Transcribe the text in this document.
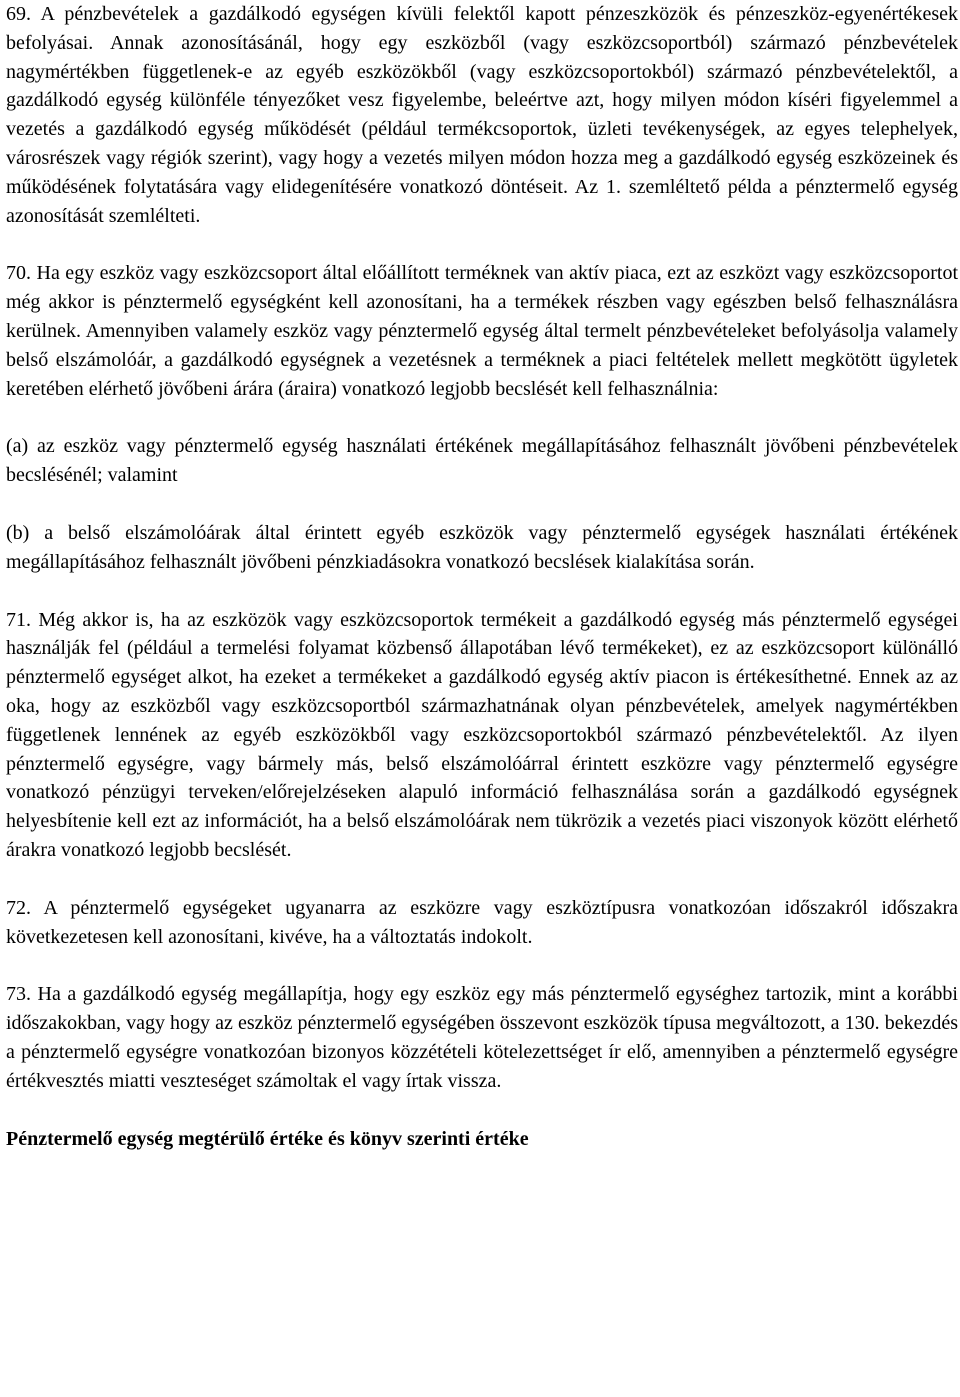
69. A pénzbevételek a gazdálkodó egységen kívüli felektől kapott pénzeszközök és pénzeszköz-egyenértékesek befolyásai. Annak azonosításánál, hogy egy eszközből (vagy eszközcsoportból) származó pénzbevételek nagymértékben függetlenek-e az egyéb eszközökből (vagy eszközcsoportokból) származó pénzbevételektől, a gazdálkodó egység különféle tényezőket vesz figyelembe, beleértve azt, hogy milyen módon kíséri figyelemmel a vezetés a gazdálkodó egység működését (például termékcsoportok, üzleti tevékenységek, az egyes telephelyek, városrészek vagy régiók szerint), vagy hogy a vezetés milyen módon hozza meg a gazdálkodó egység eszközeinek és működésének folytatására vagy elidegenítésére vonatkozó döntéseit. Az 1. szemléltető példa a pénztermelő egység azonosítását szemlélteti.

70. Ha egy eszköz vagy eszközcsoport által előállított terméknek van aktív piaca, ezt az eszközt vagy eszközcsoportot még akkor is pénztermelő egységként kell azonosítani, ha a termékek részben vagy egészben belső felhasználásra kerülnek. Amennyiben valamely eszköz vagy pénztermelő egység által termelt pénzbevételeket befolyásolja valamely belső elszámolóár, a gazdálkodó egységnek a vezetésnek a terméknek a piaci feltételek mellett megkötött ügyletek keretében elérhető jövőbeni árára (áraira) vonatkozó legjobb becslését kell felhasználnia:

(a) az eszköz vagy pénztermelő egység használati értékének megállapításához felhasznált jövőbeni pénzbevételek becslésénél; valamint

(b) a belső elszámolóárak által érintett egyéb eszközök vagy pénztermelő egységek használati értékének megállapításához felhasznált jövőbeni pénzkiadásokra vonatkozó becslések kialakítása során.

71. Még akkor is, ha az eszközök vagy eszközcsoportok termékeit a gazdálkodó egység más pénztermelő egységei használják fel (például a termelési folyamat közbenső állapotában lévő termékeket), ez az eszközcsoport különálló pénztermelő egységet alkot, ha ezeket a termékeket a gazdálkodó egység aktív piacon is értékesíthetné. Ennek az az oka, hogy az eszközből vagy eszközcsoportból származhatnának olyan pénzbevételek, amelyek nagymértékben függetlenek lennének az egyéb eszközökből vagy eszközcsoportokból származó pénzbevételektől. Az ilyen pénztermelő egységre, vagy bármely más, belső elszámolóárral érintett eszközre vagy pénztermelő egységre vonatkozó pénzügyi terveken/előrejelzéseken alapuló információ felhasználása során a gazdálkodó egységnek helyesbítenie kell ezt az információt, ha a belső elszámolóárak nem tükrözik a vezetés piaci viszonyok között elérhető árakra vonatkozó legjobb becslését.

72. A pénztermelő egységeket ugyanarra az eszközre vagy eszköztípusra vonatkozóan időszakról időszakra következetesen kell azonosítani, kivéve, ha a változtatás indokolt.

73. Ha a gazdálkodó egység megállapítja, hogy egy eszköz egy más pénztermelő egységhez tartozik, mint a korábbi időszakokban, vagy hogy az eszköz pénztermelő egységében összevont eszközök típusa megváltozott, a 130. bekezdés a pénztermelő egységre vonatkozóan bizonyos közzétételi kötelezettséget ír elő, amennyiben a pénztermelő egységre értékvesztés miatti veszteséget számoltak el vagy írtak vissza.

Pénztermelő egység megtérülő értéke és könyv szerinti értéke
